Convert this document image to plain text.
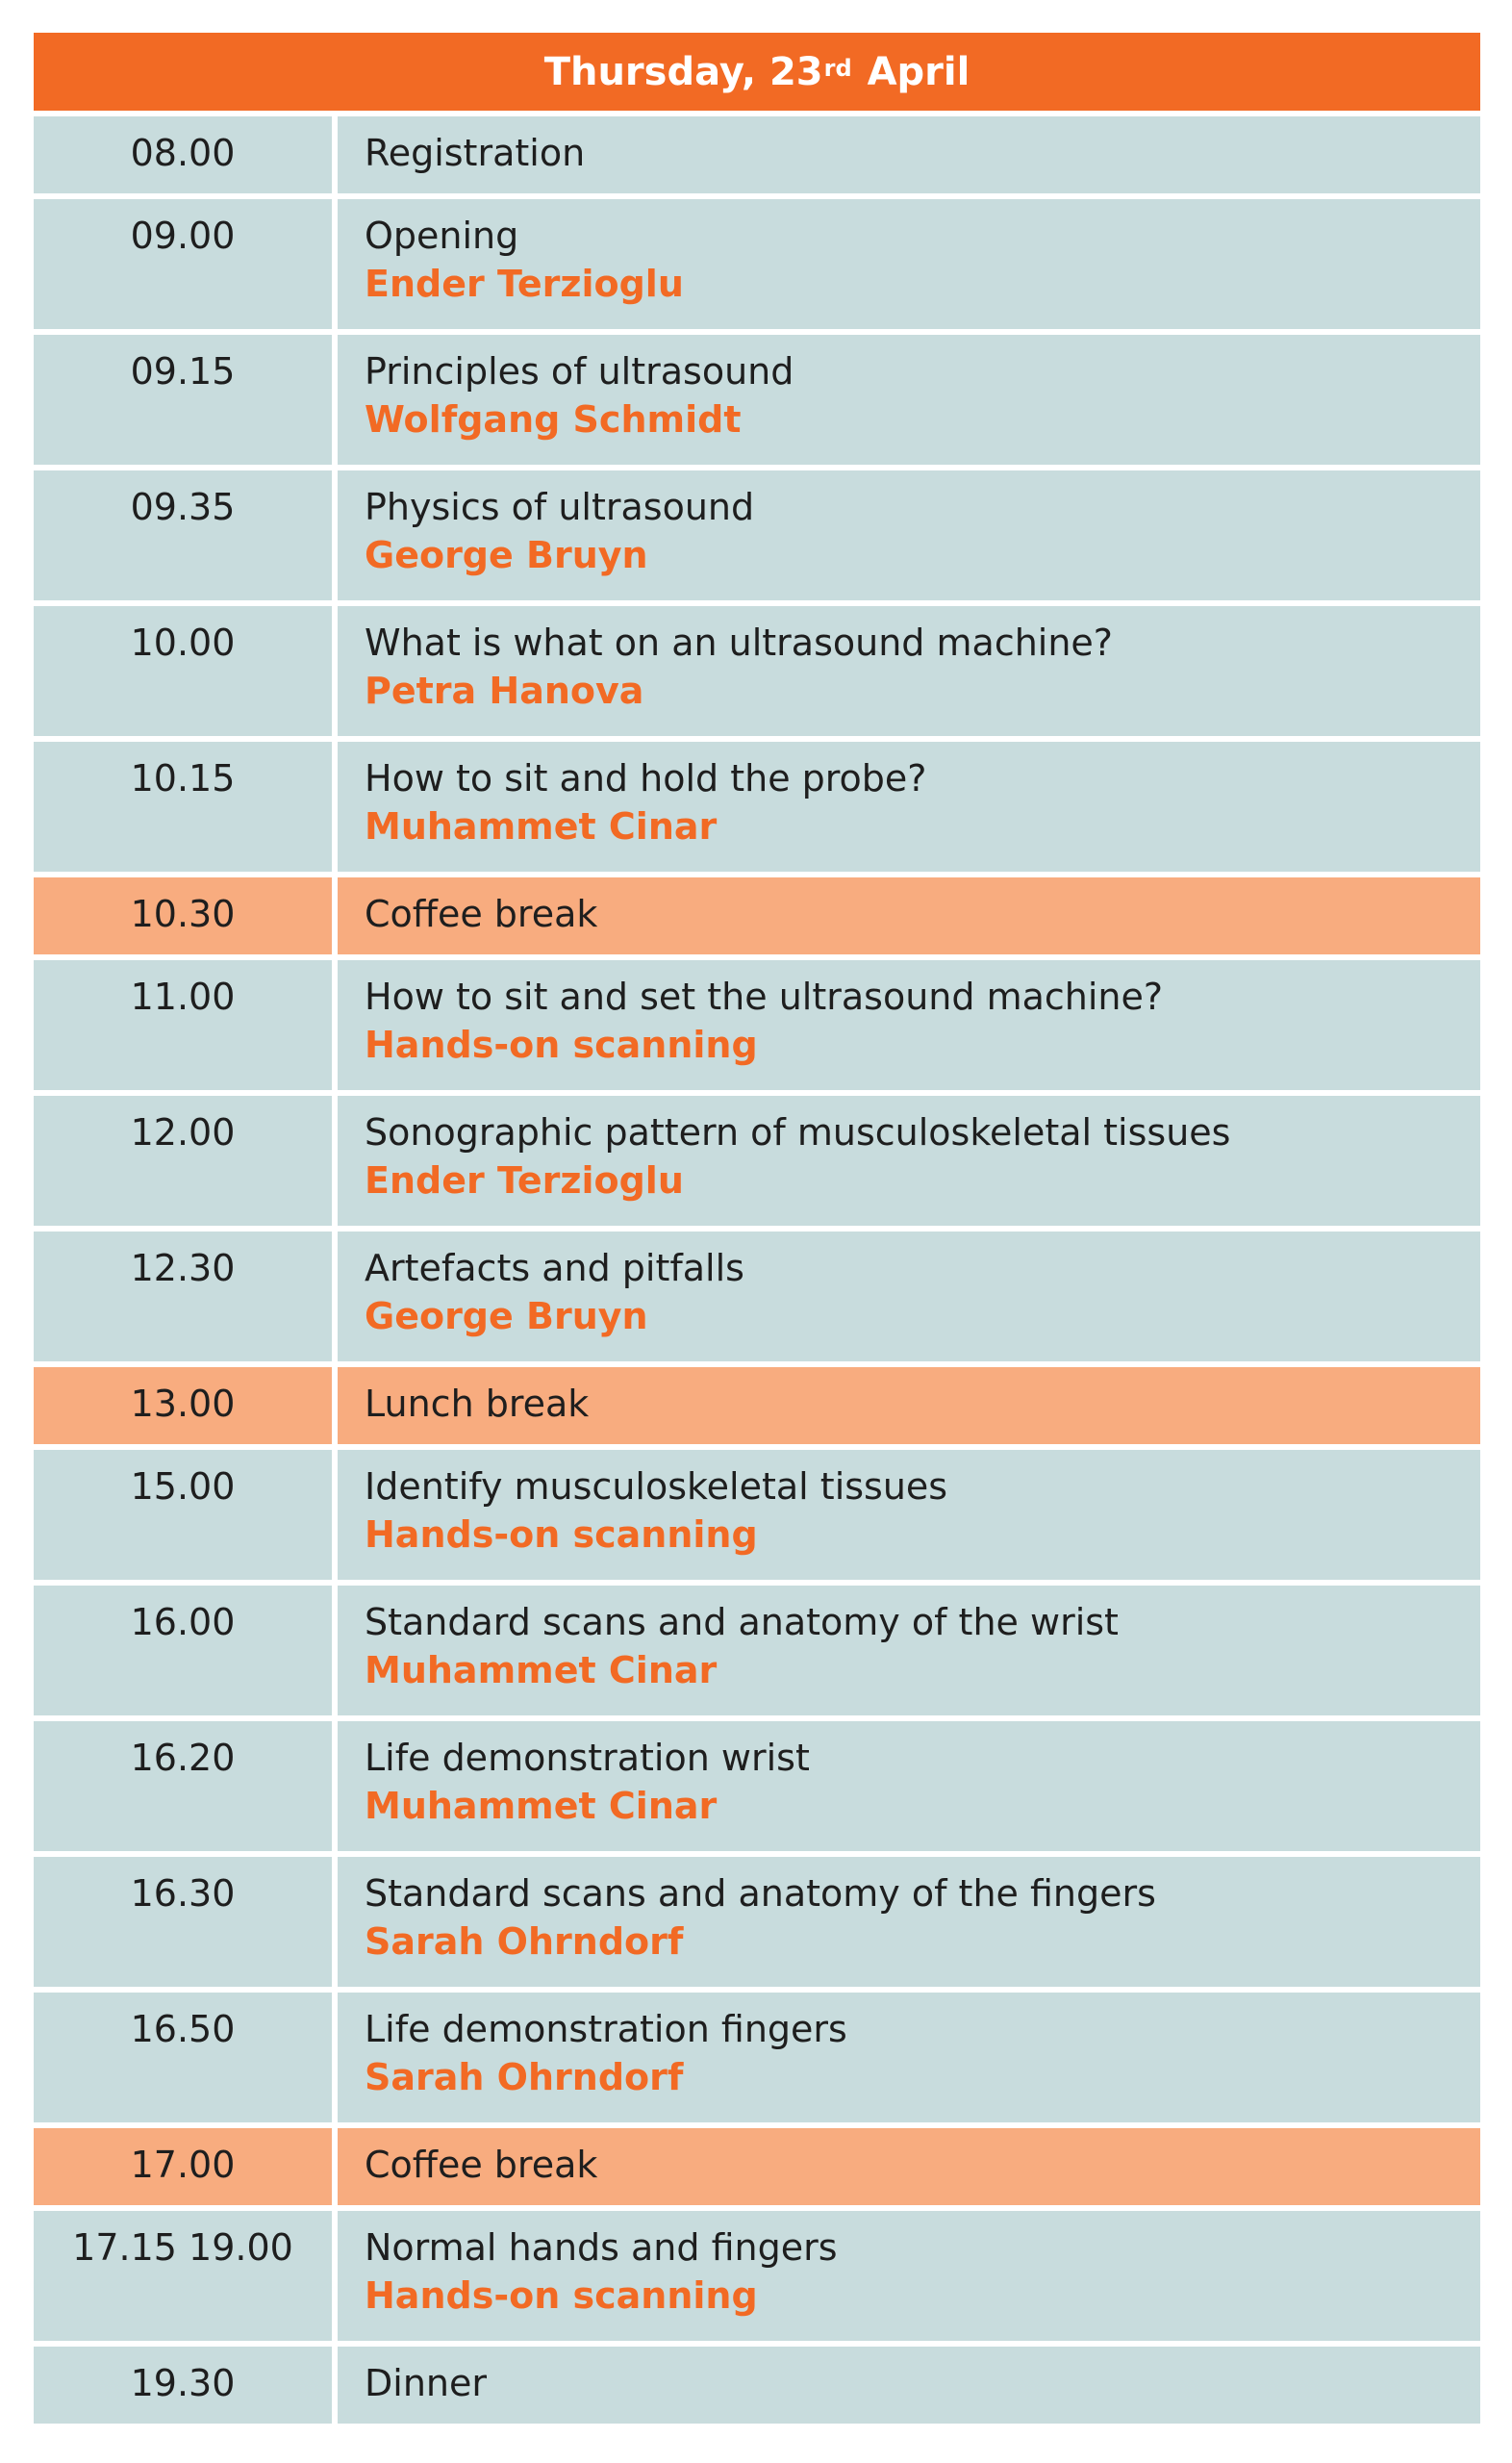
Thursday, 23rd
April
08.00	Registration
09.00	Opening
Ender Terzioglu
09.15	Principles of ultrasound
Wolfgang Schmidt
09.35	Physics of ultrasound
George Bruyn
10.00	What is what on an ultrasound machine?
Petra Hanova
10.15	How to sit and hold the probe?
Muhammet Cinar
10.30	Coffee break
11.00	How to sit and set the ultrasound machine?
Hands-on scanning
12.00	Sonographic pattern of musculoskeletal tissues
Ender Terzioglu
12.30	Artefacts and pitfalls
George Bruyn
13.00	Lunch break
15.00	Identify musculoskeletal tissues
Hands-on scanning
16.00	Standard scans and anatomy of the wrist
Muhammet Cinar
16.20	Life demonstration wrist
Muhammet Cinar
16.30	Standard scans and anatomy of the fingers
Sarah Ohrndorf
16.50	Life demonstration fingers
Sarah Ohrndorf
17.00	Coffee break
17.15 19.00	Normal hands and fingers
Hands-on scanning
19.30	Dinner
